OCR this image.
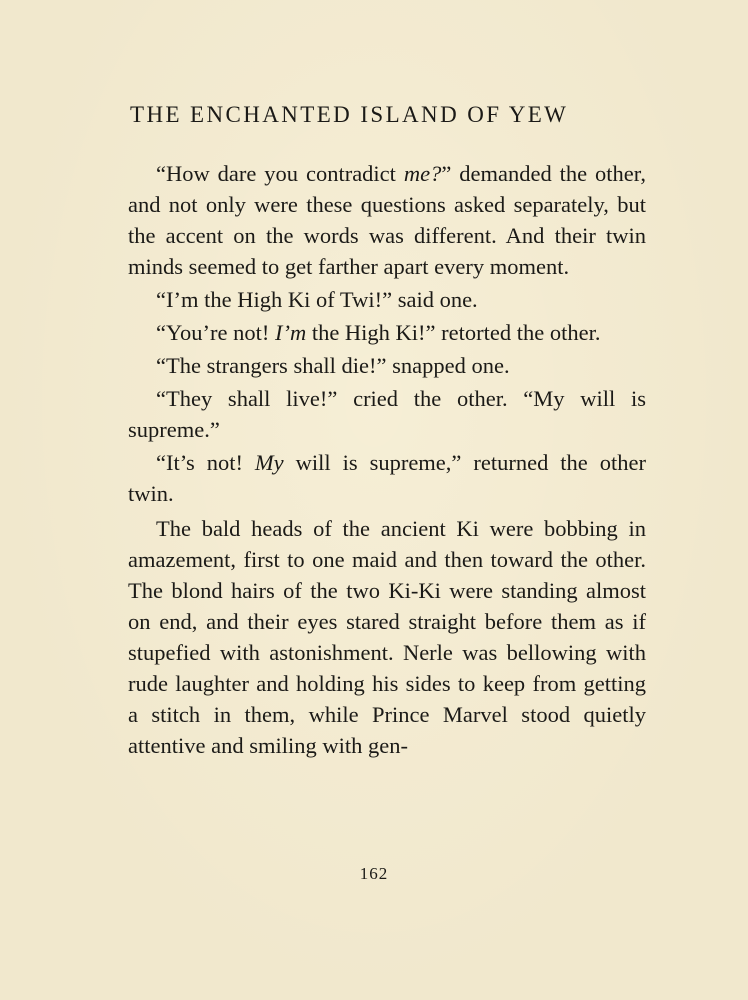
THE ENCHANTED ISLAND OF YEW

“How dare you contradict me?” demanded the other, and not only were these questions asked separately, but the accent on the words was different. And their twin minds seemed to get farther apart every moment.

“I’m the High Ki of Twi!” said one.

“You’re not! I’m the High Ki!” retorted the other.

“The strangers shall die!” snapped one.

“They shall live!” cried the other. “My will is supreme.”

“It’s not! My will is supreme,” returned the other twin.

The bald heads of the ancient Ki were bobbing in amazement, first to one maid and then toward the other. The blond hairs of the two Ki-Ki were standing almost on end, and their eyes stared straight before them as if stupefied with astonishment. Nerle was bellowing with rude laughter and holding his sides to keep from getting a stitch in them, while Prince Marvel stood quietly attentive and smiling with gen-

162
